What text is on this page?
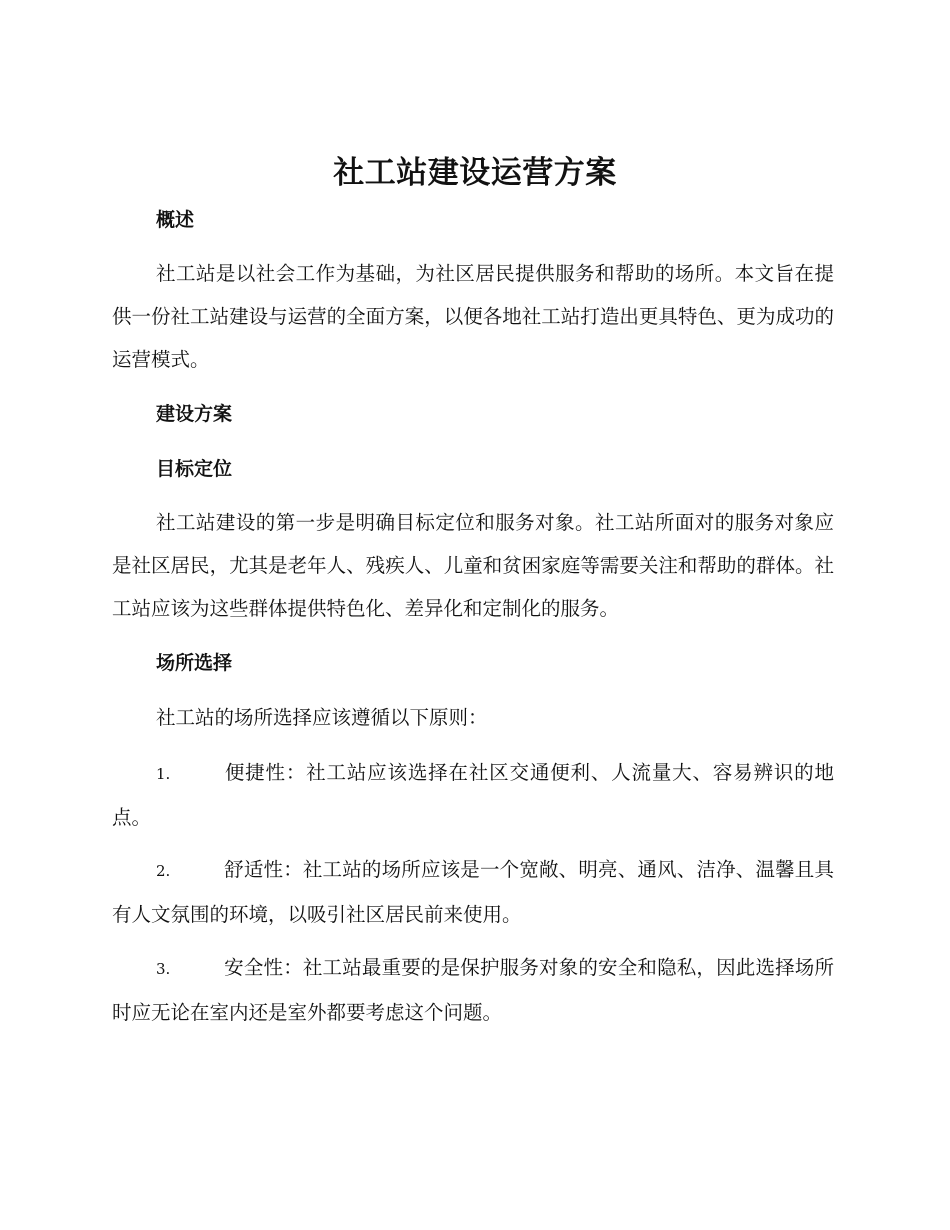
社工站建设运营方案
概述

社工站是以社会工作为基础，为社区居民提供服务和帮助的场所。本文旨在提供一份社工站建设与运营的全面方案，以便各地社工站打造出更具特色、更为成功的运营模式。

建设方案
目标定位

社工站建设的第一步是明确目标定位和服务对象。社工站所面对的服务对象应是社区居民，尤其是老年人、残疾人、儿童和贫困家庭等需要关注和帮助的群体。社工站应该为这些群体提供特色化、差异化和定制化的服务。

场所选择

社工站的场所选择应该遵循以下原则：

1.	便捷性：社工站应该选择在社区交通便利、人流量大、容易辨识的地点。

2.	舒适性：社工站的场所应该是一个宽敞、明亮、通风、洁净、温馨且具有人文氛围的环境，以吸引社区居民前来使用。

3.	安全性：社工站最重要的是保护服务对象的安全和隐私，因此选择场所时应无论在室内还是室外都要考虑这个问题。
